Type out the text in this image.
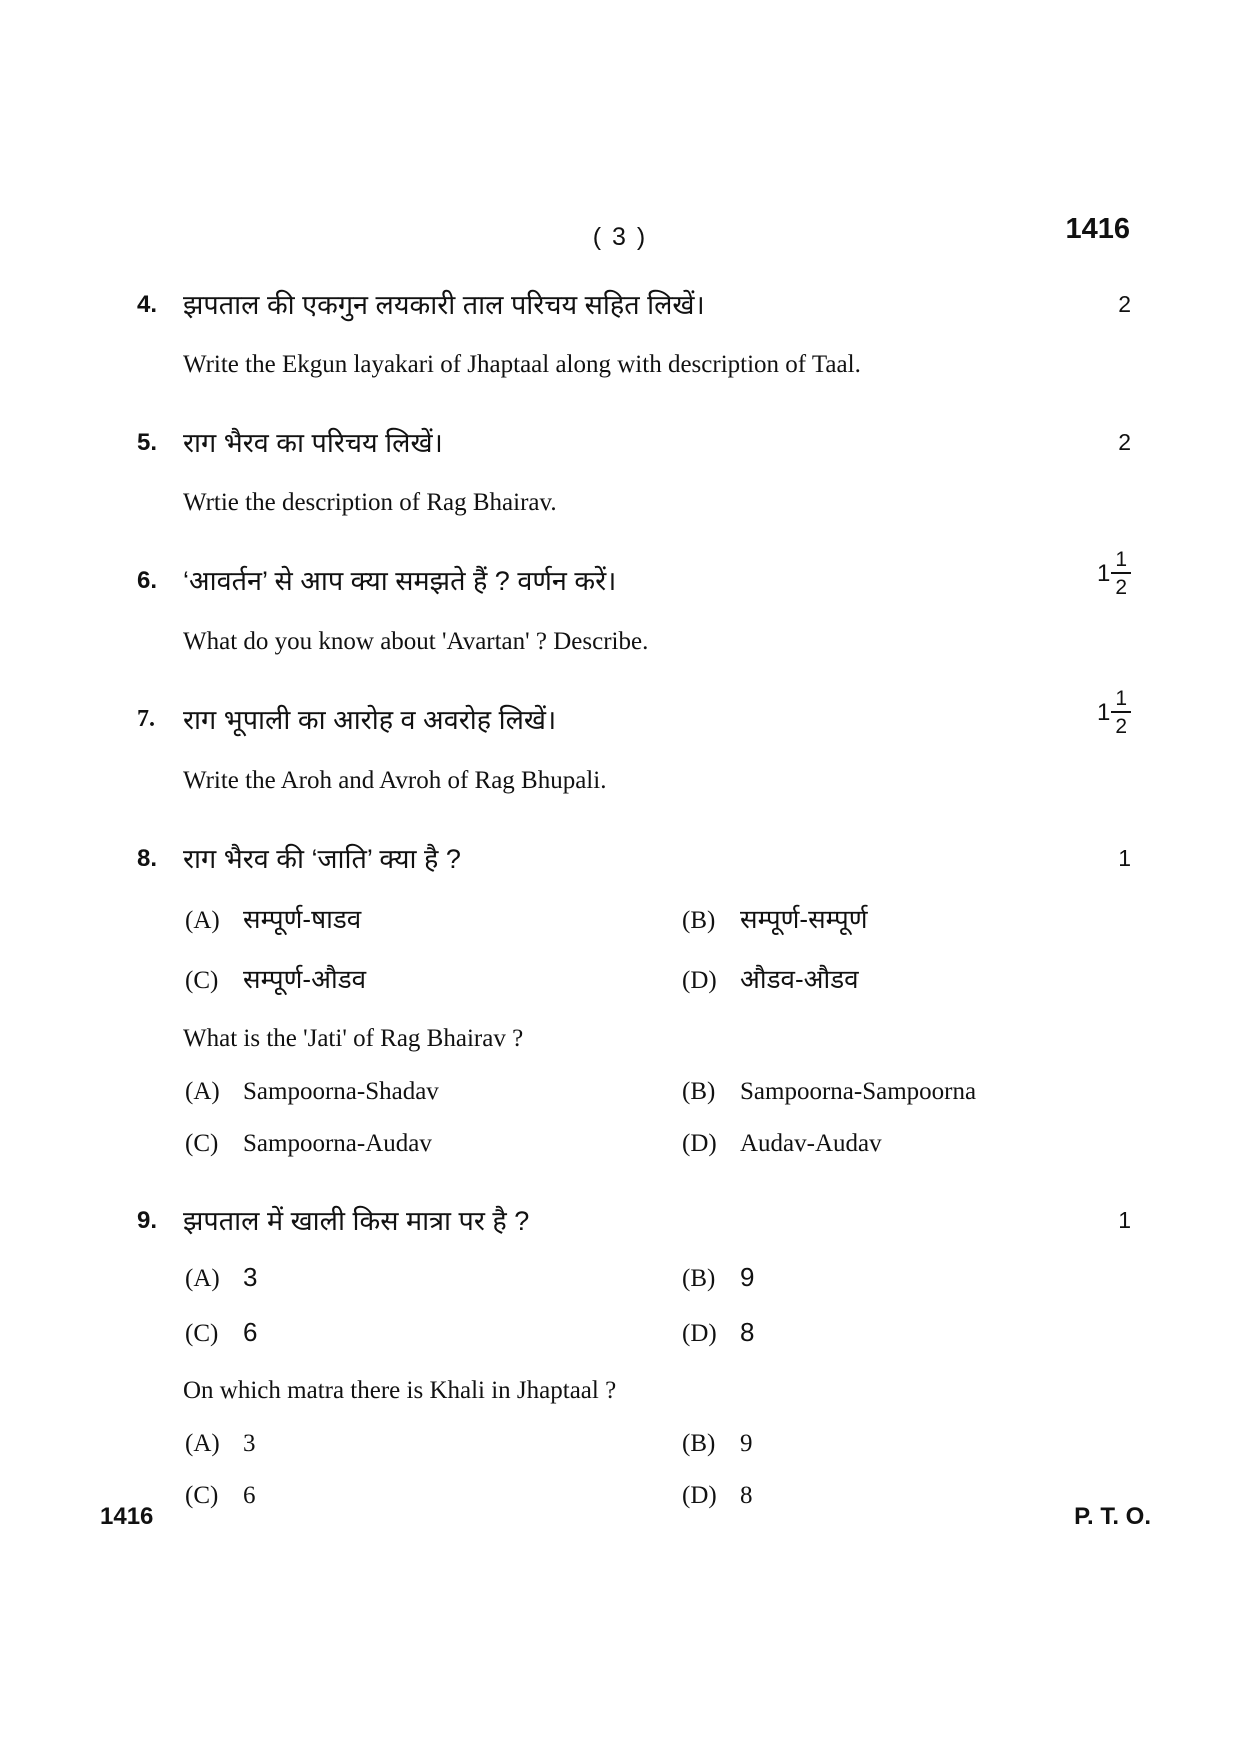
( 3 )	1416
4. झपताल की एकगुन लयकारी ताल परिचय सहित लिखें।	2
Write the Ekgun layakari of Jhaptaal along with description of Taal.
5. राग भैरव का परिचय लिखें।	2
Wrtie the description of Rag Bhairav.
6. ‘आवर्तन’ से आप क्या समझते हैं ? वर्णन करें।	$1 \frac{1}{2}$
What do you know about 'Avartan' ? Describe.
7.	राग भूपाली का आरोह व अवरोह लिखें।	$1 \frac{1}{2}$
Write the Aroh and Avroh of Rag Bhupali.
8. राग भैरव की ‘जाति’ क्या है ?	1
(A) सम्पूर्ण-षाडव	(B) सम्पूर्ण-सम्पूर्ण
(C) सम्पूर्ण-औडव	(D) औडव-औडव
What is the 'Jati' of Rag Bhairav ?
(A) Sampoorna-Shadav	(B) Sampoorna-Sampoorna
(C) Sampoorna-Audav	(D) Audav-Audav
9. झपताल में खाली किस मात्रा पर है ?	1
(A) 3	(B) 9
(C) 6	(D) 8
On which matra there is Khali in Jhaptaal ?
(A) 3	(B) 9
(C) 6	(D) 8
1416	P. T. O.
